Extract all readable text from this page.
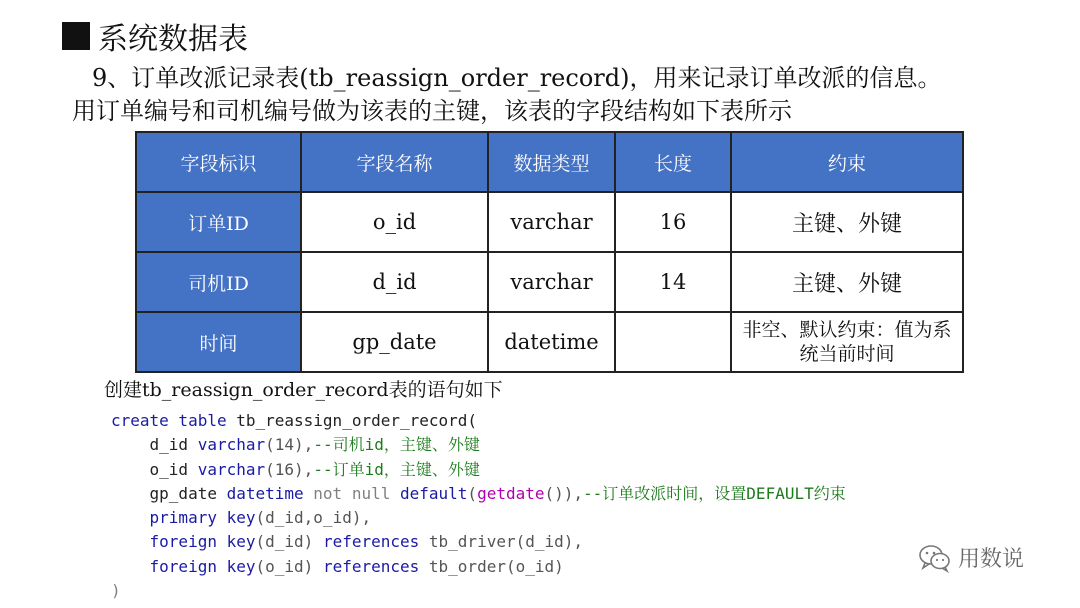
系统数据表
9、订单改派记录表(tb_reassign_order_record)，用来记录订单改派的信息。
用订单编号和司机编号做为该表的主键，该表的字段结构如下表所示
字段标识	字段名称	数据类型	长度	约束
订单ID	o_id	varchar	16	主键、外键
司机ID	d_id	varchar	14	主键、外键
时间	gp_date	datetime		非空、默认约束：值为系统当前时间
创建tb_reassign_order_record表的语句如下
create table tb_reassign_order_record(
d_id varchar(14),--司机id，主键、外键
o_id varchar(16),--订单id，主键、外键
gp_date datetime not null default(getdate()),--订单改派时间，设置DEFAULT约束
primary key(d_id,o_id),
foreign key(d_id) references tb_driver(d_id),
foreign key(o_id) references tb_order(o_id)
)
用数说
